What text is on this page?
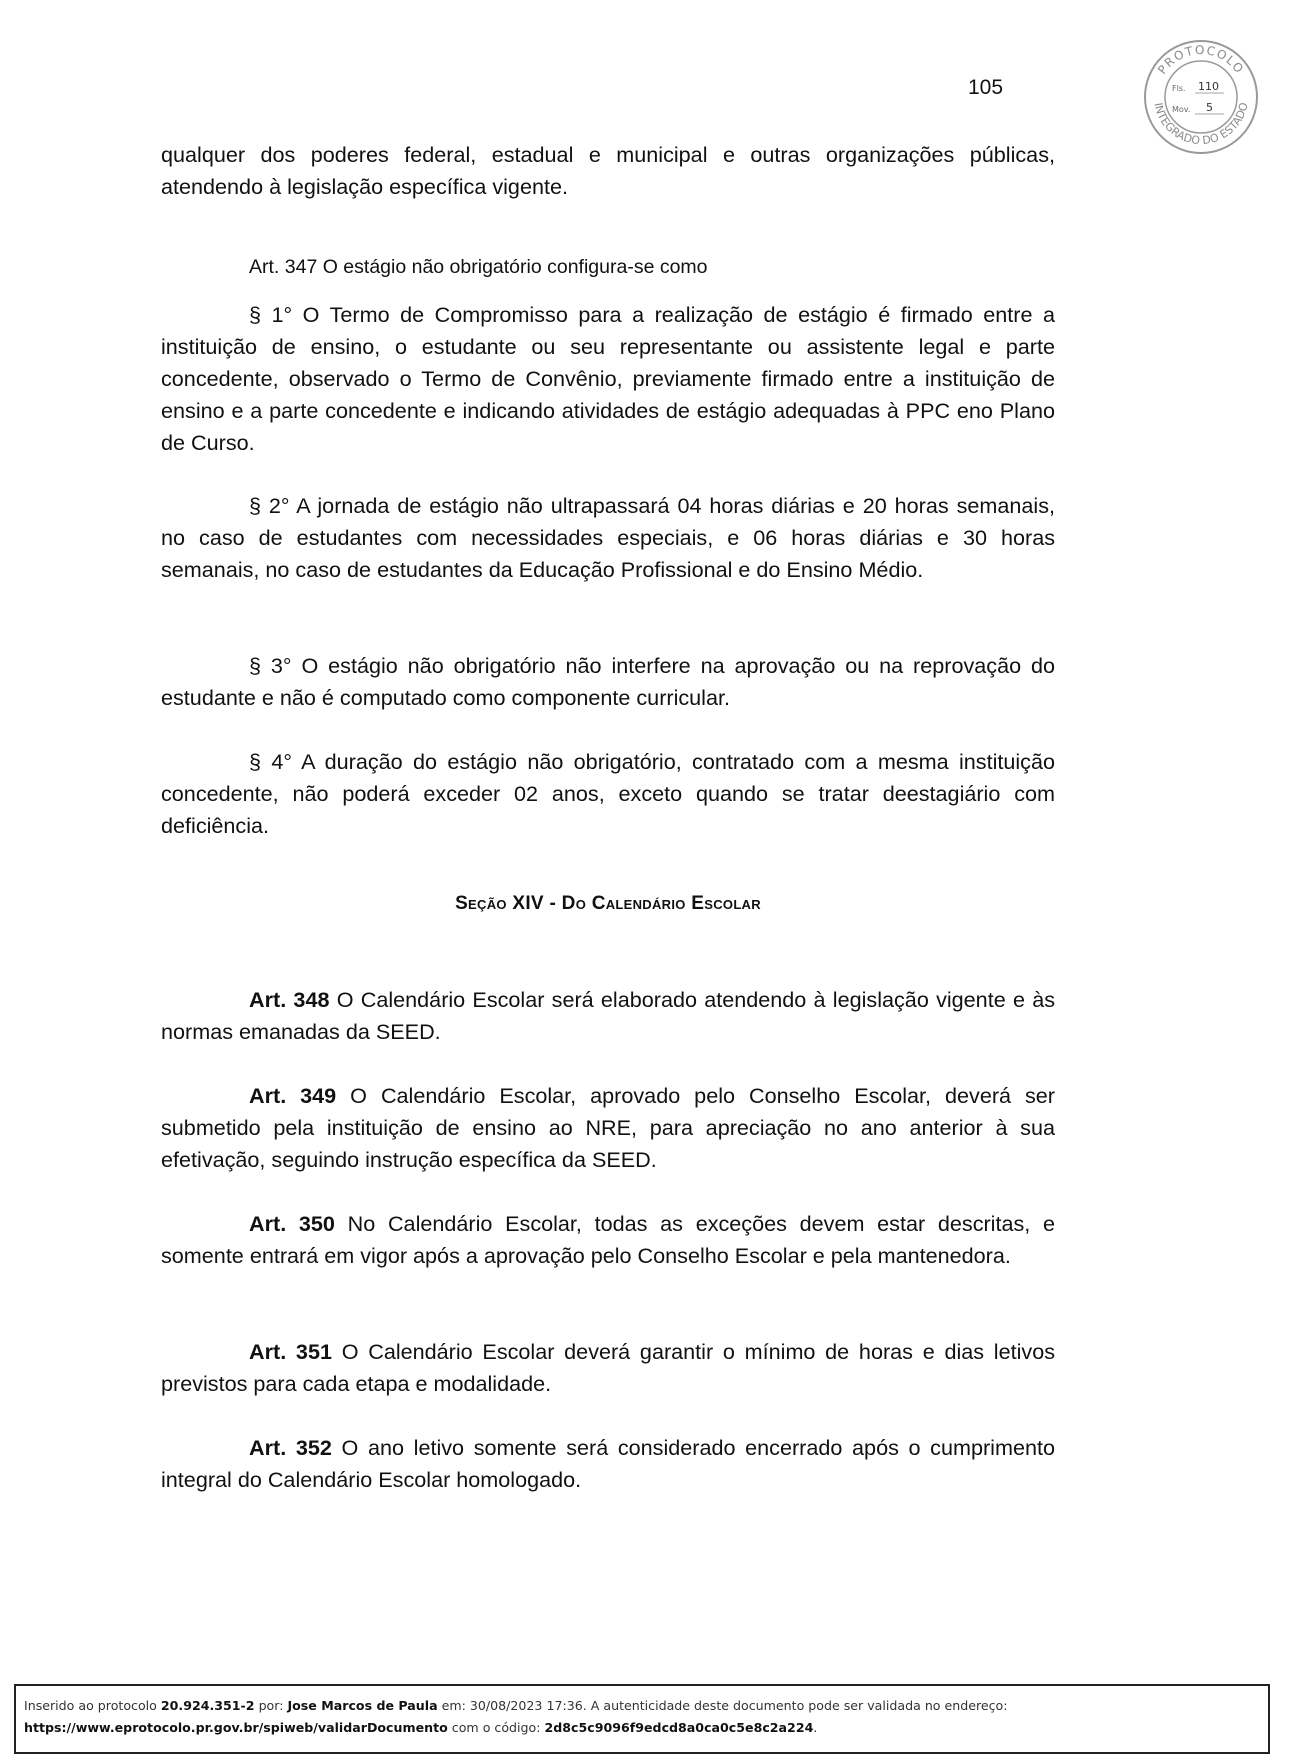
105
PROTOCOLO
INTEGRADO DO ESTADO
Fls. 110
Mov. 5
qualquer dos poderes federal, estadual e municipal e outras organizações públicas, atendendo à legislação específica vigente.
Art. 347 O estágio não obrigatório configura-se como
§ 1° O Termo de Compromisso para a realização de estágio é firmado entre a instituição de ensino, o estudante ou seu representante ou assistente legal e parte concedente, observado o Termo de Convênio, previamente firmado entre a instituição de ensino e a parte concedente e indicando atividades de estágio adequadas à PPC eno Plano de Curso.
§ 2° A jornada de estágio não ultrapassará 04 horas diárias e 20 horas semanais, no caso de estudantes com necessidades especiais, e 06 horas diárias e 30 horas semanais, no caso de estudantes da Educação Profissional e do Ensino Médio.
§ 3° O estágio não obrigatório não interfere na aprovação ou na reprovação do estudante e não é computado como componente curricular.
§ 4° A duração do estágio não obrigatório, contratado com a mesma instituição concedente, não poderá exceder 02 anos, exceto quando se tratar deestagiário com deficiência.
Seção XIV - Do Calendário Escolar
Art. 348 O Calendário Escolar será elaborado atendendo à legislação vigente e às normas emanadas da SEED.
Art. 349 O Calendário Escolar, aprovado pelo Conselho Escolar, deverá ser submetido pela instituição de ensino ao NRE, para apreciação no ano anterior à sua efetivação, seguindo instrução específica da SEED.
Art. 350 No Calendário Escolar, todas as exceções devem estar descritas, e somente entrará em vigor após a aprovação pelo Conselho Escolar e pela mantenedora.
Art. 351 O Calendário Escolar deverá garantir o mínimo de horas e dias letivos previstos para cada etapa e modalidade.
Art. 352 O ano letivo somente será considerado encerrado após o cumprimento integral do Calendário Escolar homologado.
Inserido ao protocolo 20.924.351-2 por: Jose Marcos de Paula em: 30/08/2023 17:36. A autenticidade deste documento pode ser validada no endereço:
https://www.eprotocolo.pr.gov.br/spiweb/validarDocumento com o código: 2d8c5c9096f9edcd8a0ca0c5e8c2a224.
